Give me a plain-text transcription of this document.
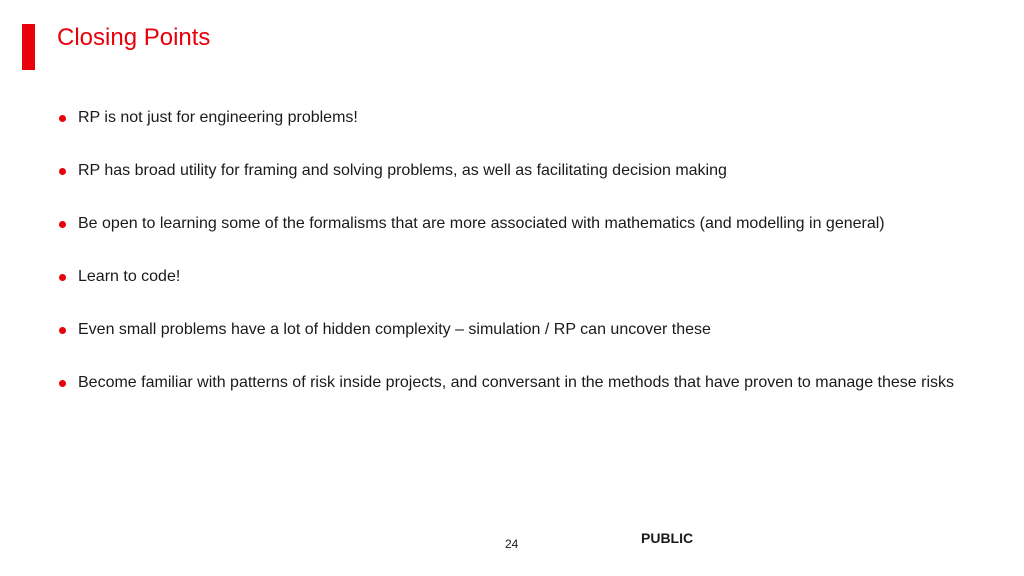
Closing Points
RP is not just for engineering problems!
RP has broad utility for framing and solving problems, as well as facilitating decision making
Be open to learning some of the formalisms that are more associated with mathematics (and modelling in general)
Learn to code!
Even small problems have a lot of hidden complexity – simulation / RP can uncover these
Become familiar with patterns of risk inside projects, and conversant in the methods that have proven to manage these risks
24	PUBLIC
